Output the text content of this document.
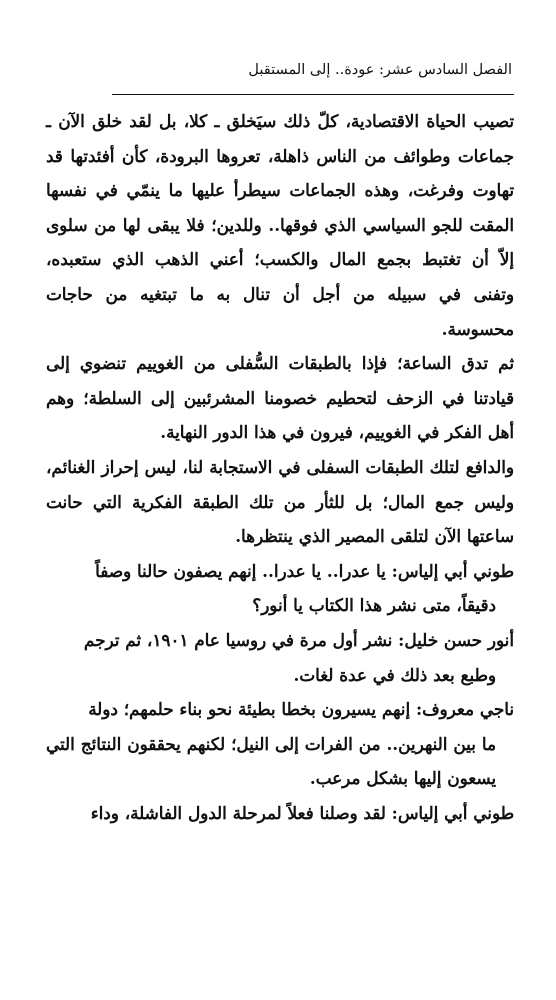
الفصل السادس عشر: عودة.. إلى المستقبل

تصيب الحياة الاقتصادية، كلّ ذلك سيَخلق ـ كلا، بل لقد خلق الآن ـ جماعات وطوائف من الناس ذاهلة، تعروها البرودة، كأن أفئدتها قد تهاوت وفرغت، وهذه الجماعات سيطرأ عليها ما ينمّي في نفسها المقت للجو السياسي الذي فوقها.. وللدين؛ فلا يبقى لها من سلوى إلاّ أن تغتبط بجمع المال والكسب؛ أعني الذهب الذي ستعبده، وتفنى في سبيله من أجل أن تنال به ما تبتغيه من حاجات محسوسة.

ثم تدق الساعة؛ فإذا بالطبقات السُّفلى من الغوييم تنضوي إلى قيادتنا في الزحف لتحطيم خصومنا المشرئبين إلى السلطة؛ وهم أهل الفكر في الغوييم، فيرون في هذا الدور النهاية.

والدافع لتلك الطبقات السفلى في الاستجابة لنا، ليس إحراز الغنائم، وليس جمع المال؛ بل للثأر من تلك الطبقة الفكرية التي حانت ساعتها الآن لتلقى المصير الذي ينتظرها.

طوني أبي إلياس: يا عدرا.. يا عدرا.. إنهم يصفون حالنا وصفاً
دقيقاً، متى نشر هذا الكتاب يا أنور؟

أنور حسن خليل: نشر أول مرة في روسيا عام ١٩٠١، ثم ترجم
وطبع بعد ذلك في عدة لغات.

ناجي معروف: إنهم يسيرون بخطا بطيئة نحو بناء حلمهم؛ دولة
ما بين النهرين.. من الفرات إلى النيل؛ لكنهم يحققون النتائج التي يسعون إليها بشكل مرعب.

طوني أبي إلياس: لقد وصلنا فعلاً لمرحلة الدول الفاشلة، وداء
